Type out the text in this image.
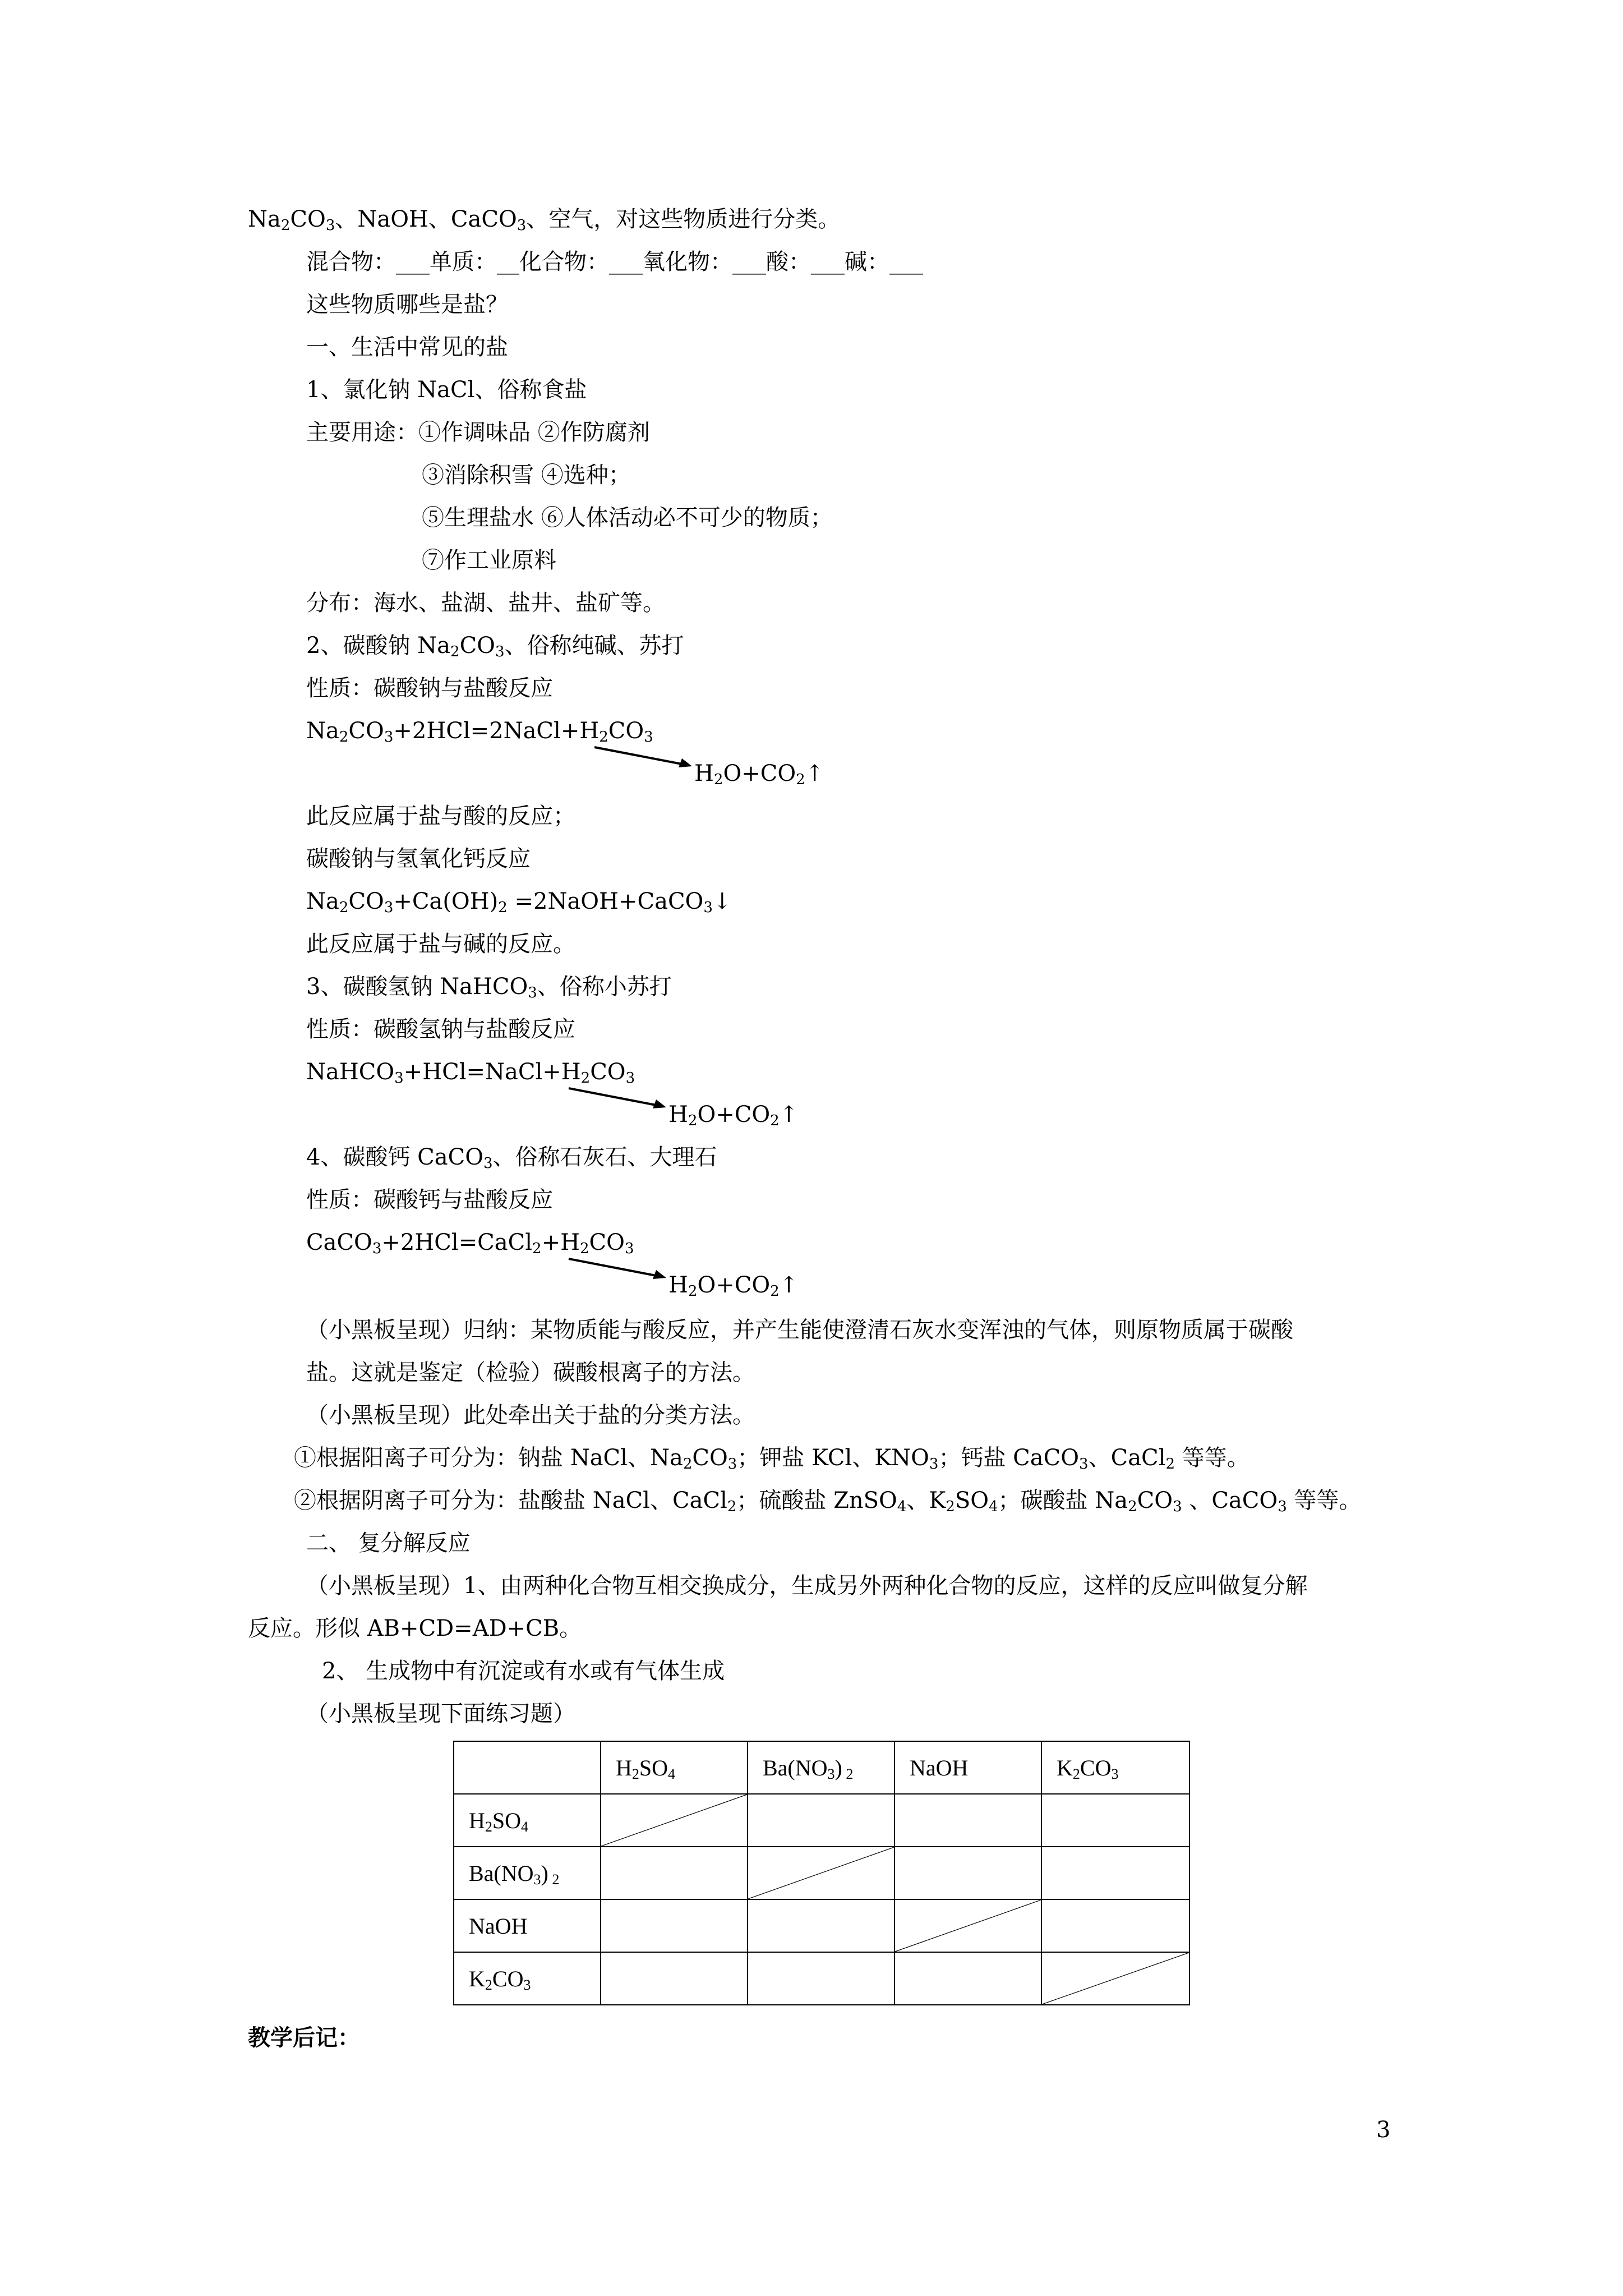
$Na_2CO_3$、NaOH、CaCO$_3$、空气，对这些物质进行分类。
混合物：___单质：__化合物：___氧化物：___酸：___碱：___
这些物质哪些是盐？
一、生活中常见的盐
1、氯化钠 NaCl、俗称食盐
主要用途：①作调味品 ②作防腐剂
③消除积雪 ④选种；
⑤生理盐水 ⑥人体活动必不可少的物质；
⑦作工业原料
分布：海水、盐湖、盐井、盐矿等。
2、碳酸钠 $Na_2CO_3$、俗称纯碱、苏打
性质：碳酸钠与盐酸反应
$Na_2CO_3+2HCl=2NaCl+H_2CO_3$
$H_2O+CO_2↑$
此反应属于盐与酸的反应；
碳酸钠与氢氧化钙反应
$Na_2CO_3+Ca(OH)_2$ =2NaOH+CaCO$_3$↓
此反应属于盐与碱的反应。
3、碳酸氢钠 NaHCO$_3$、俗称小苏打
性质：碳酸氢钠与盐酸反应
$NaHCO_3+HCl=NaCl+H_2CO_3$
$H_2O+CO_2↑$
4、碳酸钙 CaCO$_3$、俗称石灰石、大理石
性质：碳酸钙与盐酸反应
$CaCO_3+2HCl=CaCl_2+H_2CO_3$
$H_2O+CO_2↑$
（小黑板呈现）归纳：某物质能与酸反应，并产生能使澄清石灰水变浑浊的气体，则原物质属于碳酸
盐。这就是鉴定（检验）碳酸根离子的方法。
（小黑板呈现）此处牵出关于盐的分类方法。
①根据阳离子可分为：钠盐 NaCl、$Na_2CO_3$；钾盐 KCl、$KNO_3$；钙盐 CaCO$_3$、CaCl$_2$ 等等。
②根据阴离子可分为：盐酸盐 NaCl、CaCl$_2$；硫酸盐 ZnSO$_4$、$K_2SO_4$；碳酸盐 $Na_2CO_3$ 、CaCO$_3$ 等等。
二、 复分解反应
（小黑板呈现）1、由两种化合物互相交换成分，生成另外两种化合物的反应，这样的反应叫做复分解
反应。形似 AB+CD=AD+CB。
2、 生成物中有沉淀或有水或有气体生成
（小黑板呈现下面练习题）
	$H_2SO_4$	$Ba(NO_3)$ $_2$	NaOH	$K_2CO_3$
$H_2SO_4$	

$Ba(NO_3)$ $_2$		

NaOH			

$K_2CO_3$				
教学后记：
3
